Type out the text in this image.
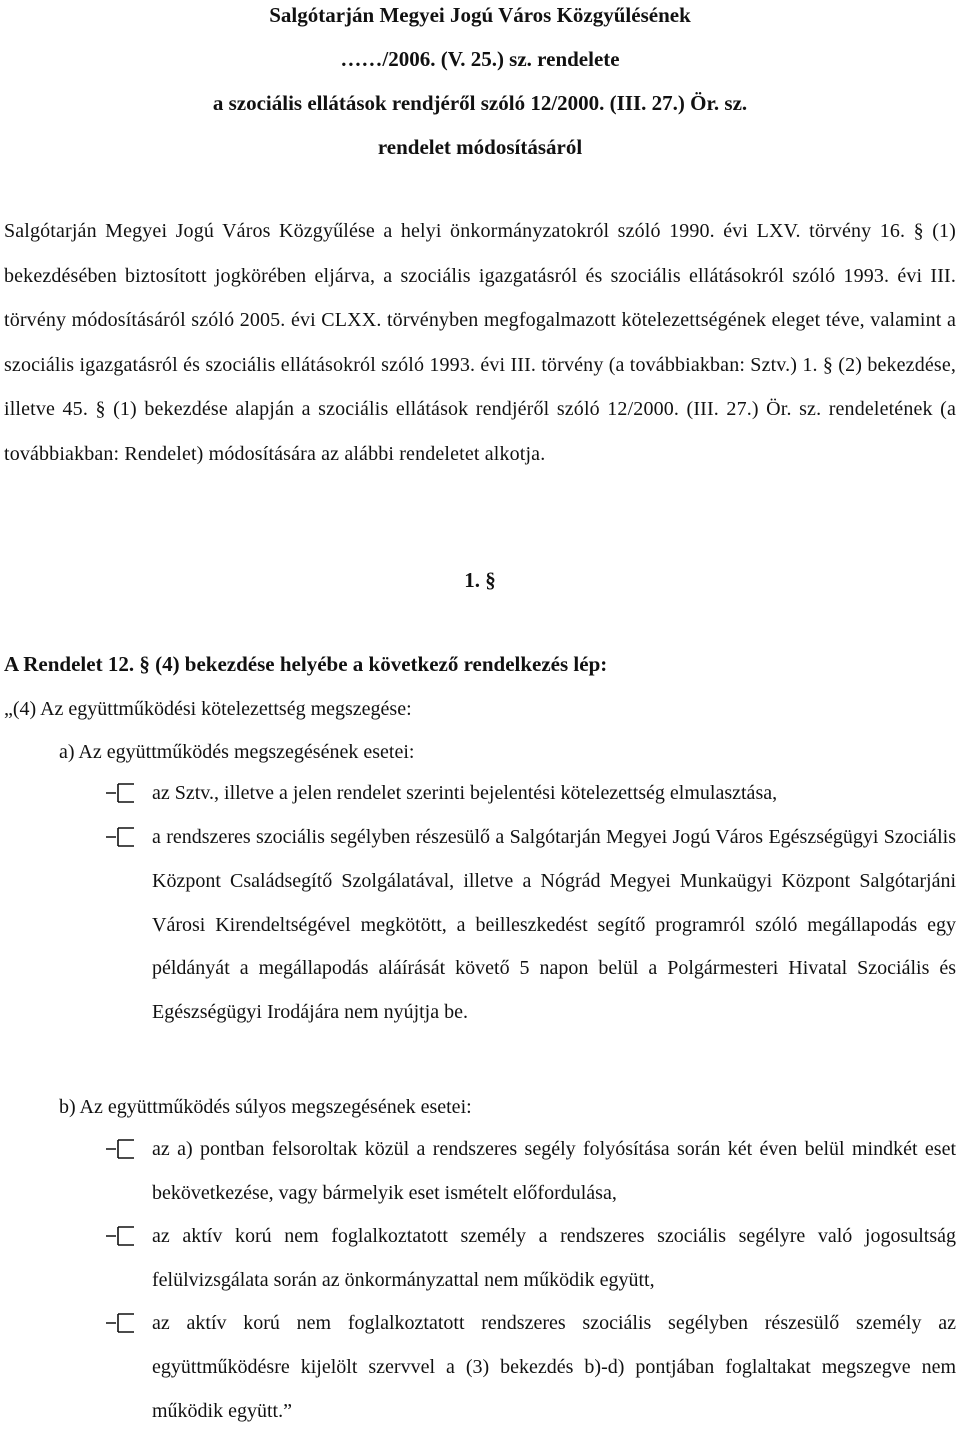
Salgótarján Megyei Jogú Város Közgyűlésének
……/2006. (V. 25.) sz. rendelete
a szociális ellátások rendjéről szóló 12/2000. (III. 27.) Ör. sz.
rendelet módosításáról
Salgótarján Megyei Jogú Város Közgyűlése a helyi önkormányzatokról szóló 1990. évi LXV. törvény 16. § (1) bekezdésében biztosított jogkörében eljárva, a szociális igazgatásról és szociális ellátásokról szóló 1993. évi III. törvény módosításáról szóló 2005. évi CLXX. törvényben megfogalmazott kötelezettségének eleget téve, valamint a szociális igazgatásról és szociális ellátásokról szóló 1993. évi III. törvény (a továbbiakban: Sztv.) 1. § (2) bekezdése, illetve 45. § (1) bekezdése alapján a szociális ellátások rendjéről szóló 12/2000. (III. 27.) Ör. sz. rendeletének (a továbbiakban: Rendelet) módosítására az alábbi rendeletet alkotja.
1. §
A Rendelet 12. § (4) bekezdése helyébe a következő rendelkezés lép:
„(4) Az együttműködési kötelezettség megszegése:
a) Az együttműködés megszegésének esetei:
az Sztv., illetve a jelen rendelet szerinti bejelentési kötelezettség elmulasztása,
a rendszeres szociális segélyben részesülő a Salgótarján Megyei Jogú Város Egészségügyi Szociális Központ Családsegítő Szolgálatával, illetve a Nógrád Megyei Munkaügyi Központ Salgótarjáni Városi Kirendeltségével megkötött, a beilleszkedést segítő programról szóló megállapodás egy példányát a megállapodás aláírását követő 5 napon belül a Polgármesteri Hivatal Szociális és Egészségügyi Irodájára nem nyújtja be.
b) Az együttműködés súlyos megszegésének esetei:
az a) pontban felsoroltak közül a rendszeres segély folyósítása során két éven belül mindkét eset bekövetkezése, vagy bármelyik eset ismételt előfordulása,
az aktív korú nem foglalkoztatott személy a rendszeres szociális segélyre való jogosultság felülvizsgálata során az önkormányzattal nem működik együtt,
az aktív korú nem foglalkoztatott rendszeres szociális segélyben részesülő személy az együttműködésre kijelölt szervvel a (3) bekezdés b)-d) pontjában foglaltakat megszegve nem működik együtt.”
